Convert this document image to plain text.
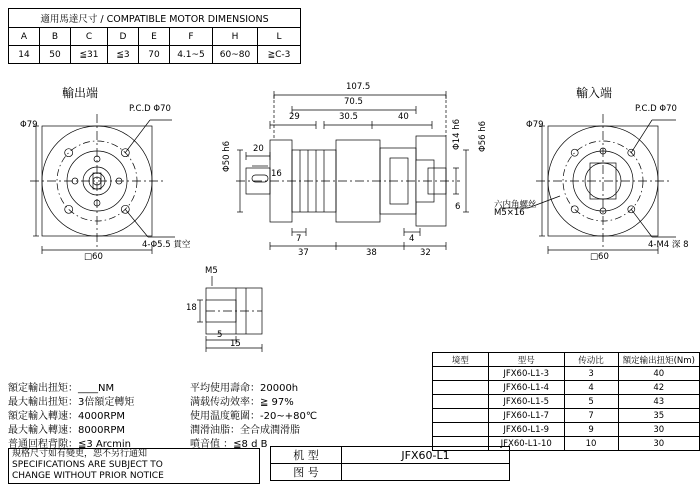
適用馬達尺寸 / COMPATIBLE MOTOR DIMENSIONS							
A	B	C	D	E	F	H	L
14	50	≦31	≦3	70	4.1~5	60~80	≧C-3
輸出端	輸入端
P.C.D Φ70	P.C.D Φ70
Φ79	Φ79
4-Φ5.5 貫空	4-M4 深 8
□60	□60
六内角螺丝
M5×16
107.5
70.5
29	30.5	40
20
16
Φ50 h6
Φ14 h6 Φ56 h6
6
7	4
37	38	32
M5
18
5
15
額定輸出扭矩：____NM
最大輸出扭矩：3倍額定轉矩
額定輸入轉速：4000RPM
最大輸入轉速：8000RPM
普通回程背隙：≦3 Arcmin
平均使用壽命：20000h
满载传动效率：≧ 97%
使用温度範圍：-20~+80℃
潤滑油脂：全合成潤滑脂
噴音值 ：≦8 d B
境型	型号	传动比	額定输出扭矩(Nm)
	JFX60-L1-3	3	40
	JFX60-L1-4	4	42
	JFX60-L1-5	5	43
	JFX60-L1-7	7	35
	JFX60-L1-9	9	30
	JFX60-L1-10	10	30
規格尺寸如有變更，恕不另行通知
SPECIFICATIONS ARE SUBJECT TO
CHANGE WITHOUT PRIOR NOTICE
机 型	JFX60-L1
图 号
